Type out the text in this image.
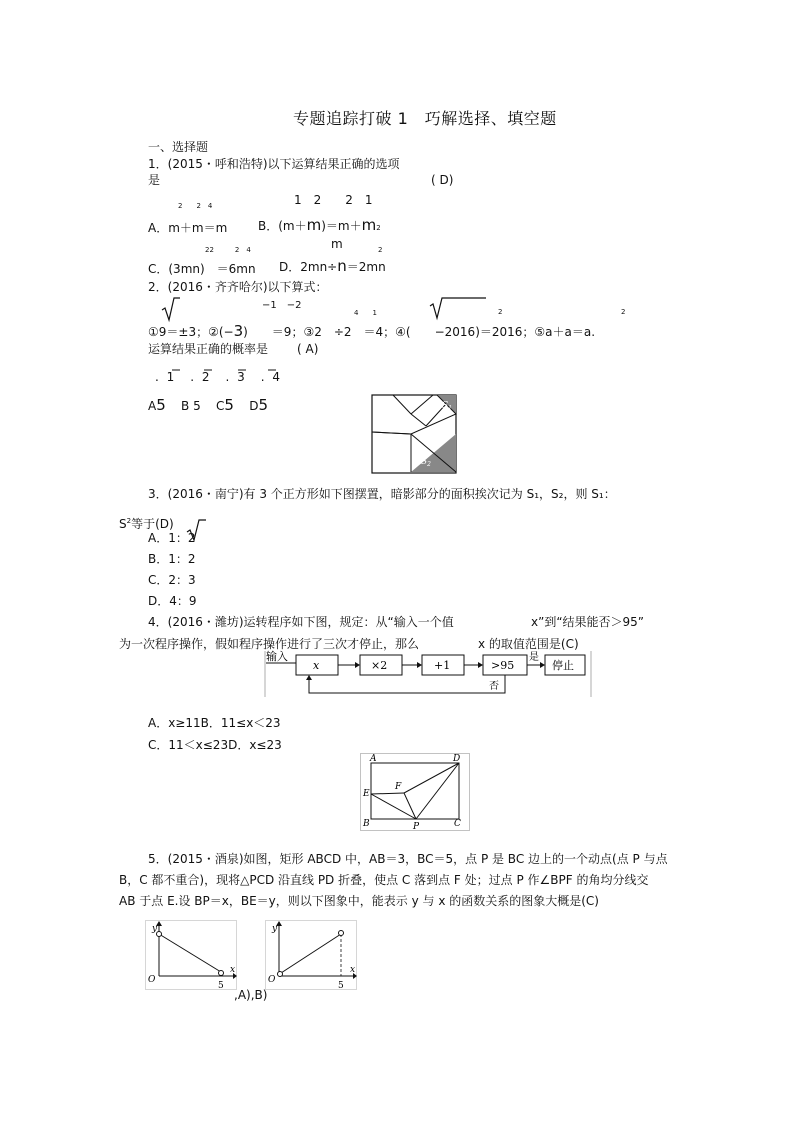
专题追踪打破 1　巧解选择、填空题
一、选择题
1．(2015・呼和浩特)以下运算结果正确的选项
是	( D)
2　　2　4	1　2　　2　1
A．m＋m＝m	B．(m＋m)＝m＋m2
22　　　2　4	m	2
C．(3mn)　＝6mn D．2mn÷n＝2mn
2．(2016・齐齐哈尔)以下算式：
−1　−2
4　　1	2	2
①9＝±3；②(−3)　　＝9；③2　÷2　＝4；④(　　−2016)＝2016；⑤a＋a＝a.
运算结果正确的概率是 ( A)
. 1　. 2　. 3　. 4
A5 B 5 C5 D5	$S_1$
$S_2$
3．(2016・南宁)有 3 个正方形如下图摆置，暗影部分的面积挨次记为 S₁，S₂，则 S₁：
$S^2$等于(D)
A．1：2
B．1：2
C．2：3
D．4：9
4．(2016・潍坊)运转程序如下图，规定：从“输入一个值	x”到“结果能否＞95”
为一次程序操作，假如程序操作进行了三次才停止，那么	x 的取值范围是(C)
输入
x	×2	+1	>95
是
停止
否
A．x≥11B．11≤x＜23
C．11＜x≤23D．x≤23
A	D
E
F
B	P	C
5．(2015・酒泉)如图，矩形 ABCD 中，AB＝3，BC＝5，点 P 是 BC 边上的一个动点(点 P 与点
B，C 都不重合)，现将△PCD 沿直线 PD 折叠，使点 C 落到点 F 处；过点 P 作∠BPF 的角均分线交
AB 于点 E.设 BP＝x，BE＝y，则以下图象中，能表示 y 与 x 的函数关系的图象大概是(C)
y
x
O
5
y
x
O
5
,A),B)
